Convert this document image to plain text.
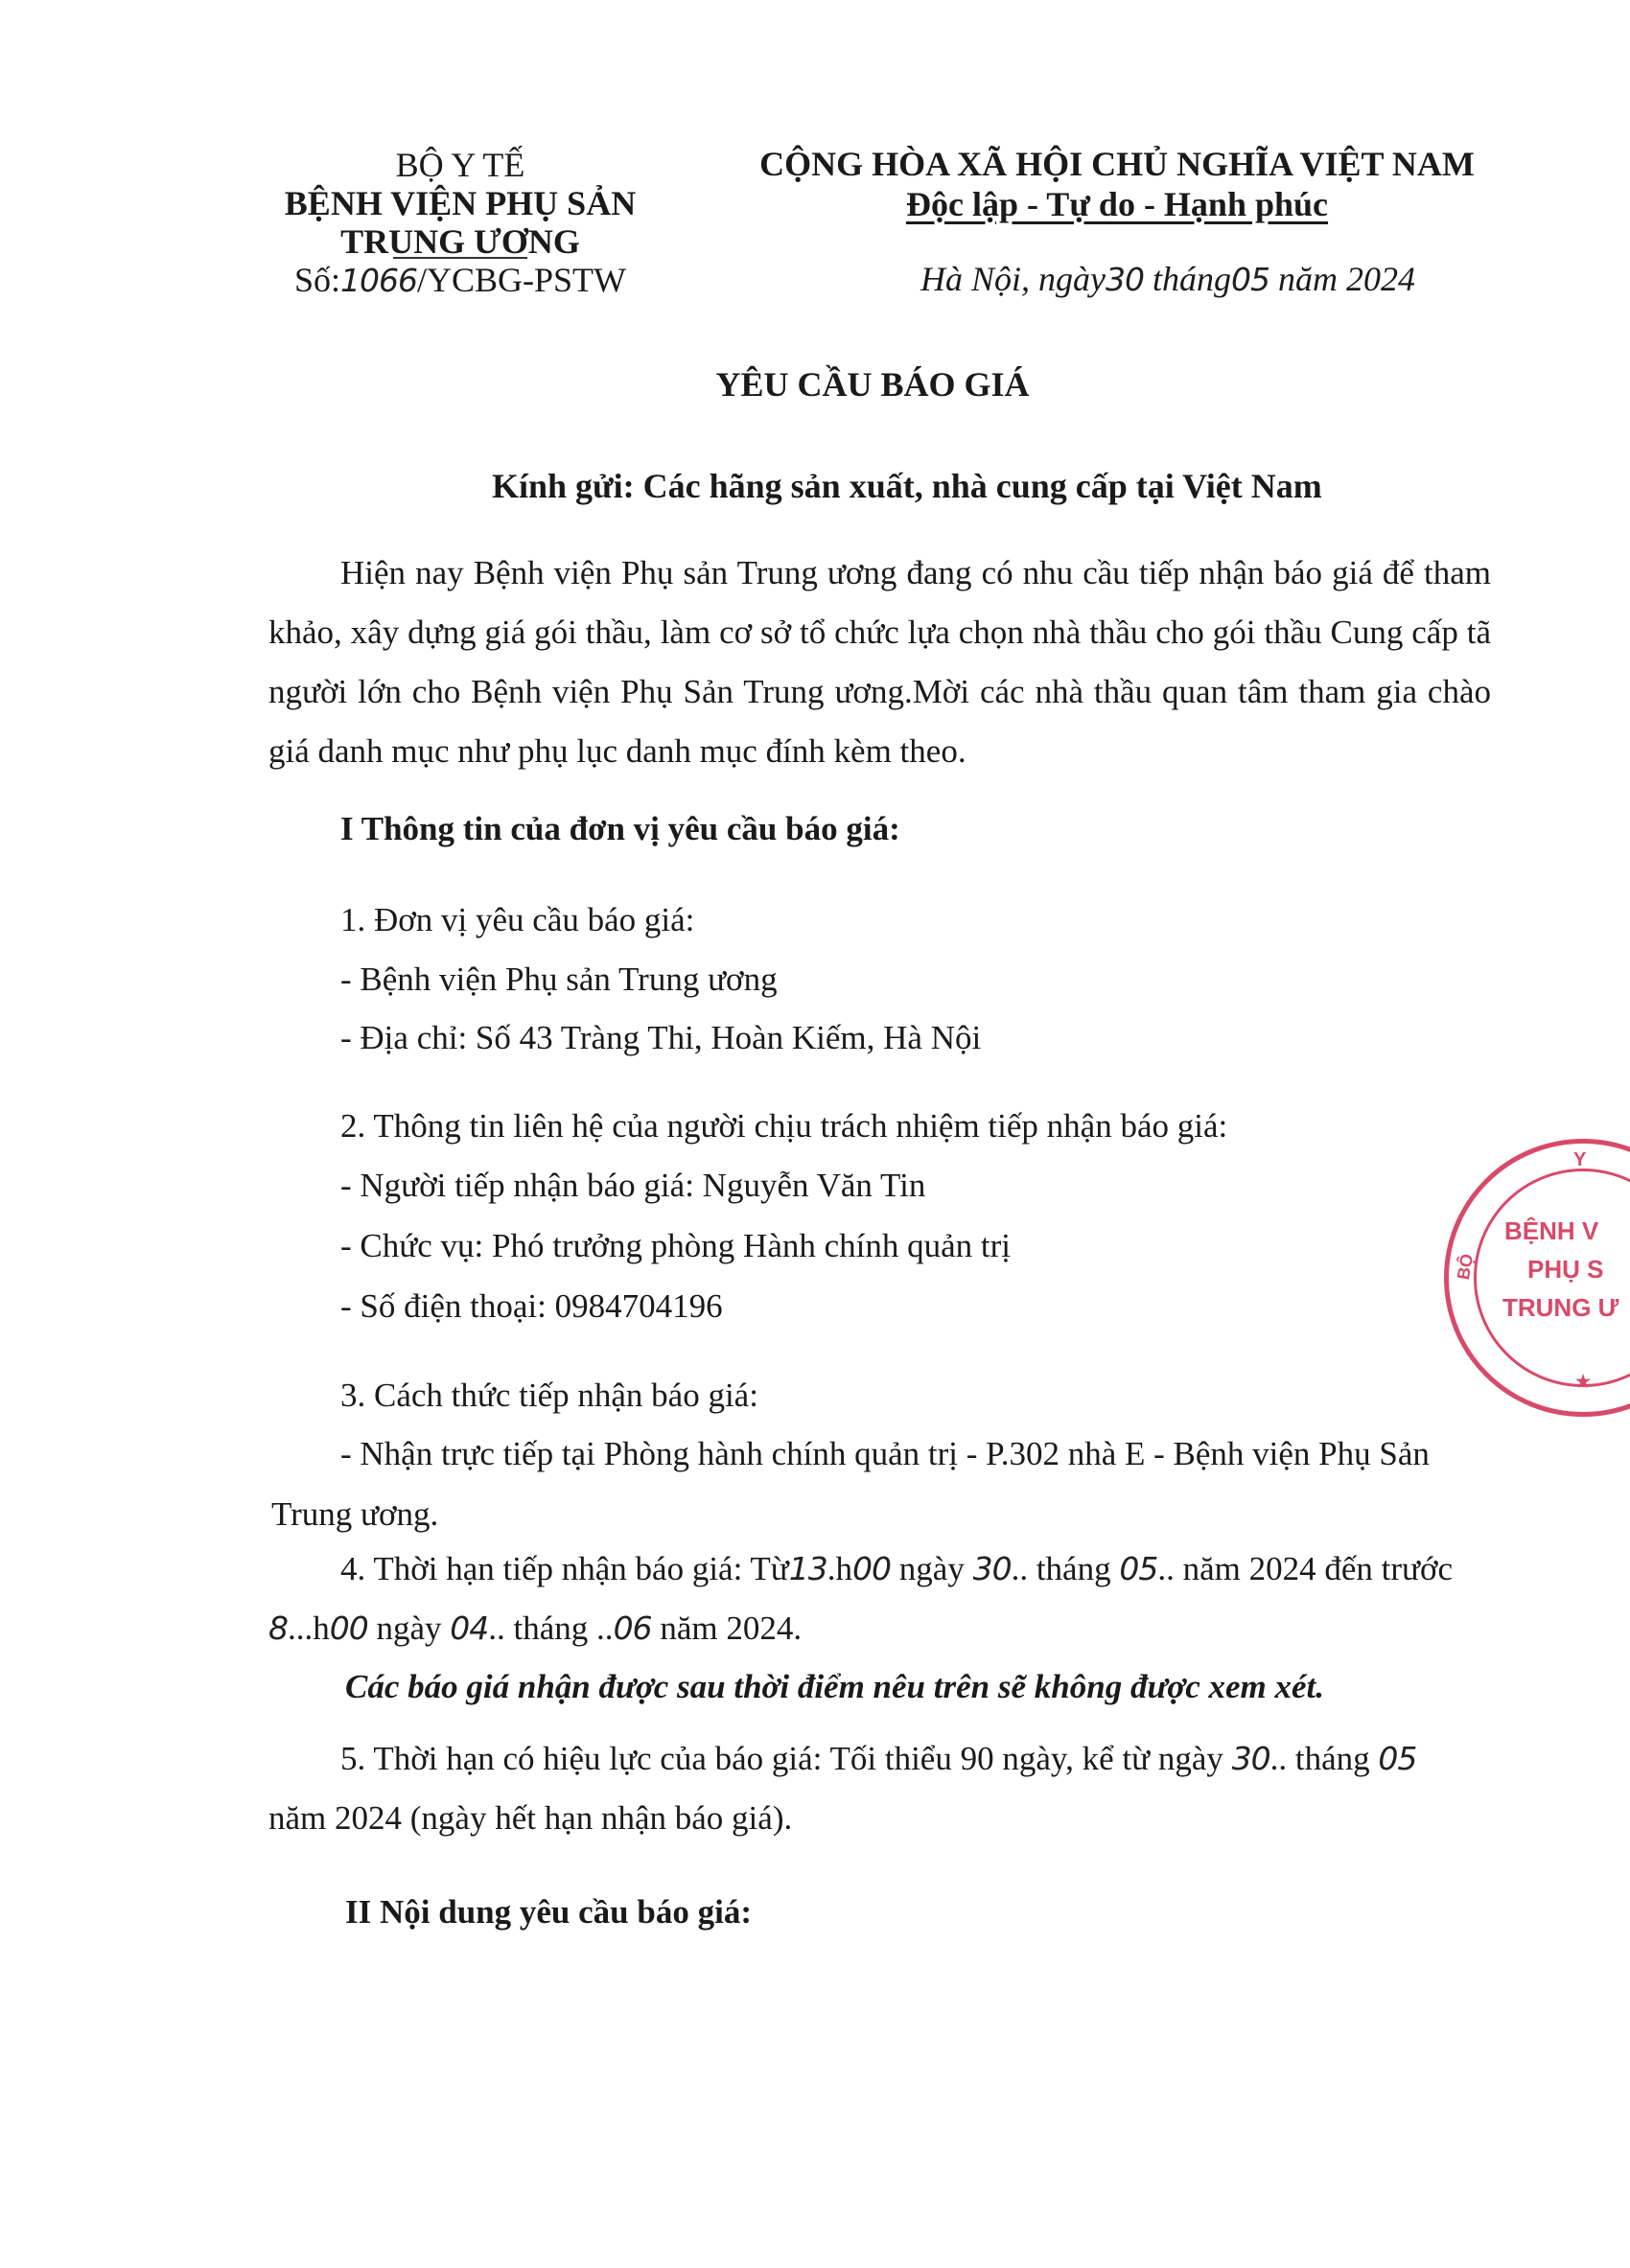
BỘ Y TẾ
BỆNH VIỆN PHỤ SẢN
TRUNG ƯƠNG
Số:1066/YCBG-PSTW
CỘNG HÒA XÃ HỘI CHỦ NGHĨA VIỆT NAM
Độc lập - Tự do - Hạnh phúc
Hà Nội, ngày30 tháng05 năm 2024
YÊU CẦU BÁO GIÁ
Kính gửi: Các hãng sản xuất, nhà cung cấp tại Việt Nam
Hiện nay Bệnh viện Phụ sản Trung ương đang có nhu cầu tiếp nhận báo giá để tham khảo, xây dựng giá gói thầu, làm cơ sở tổ chức lựa chọn nhà thầu cho gói thầu Cung cấp tã người lớn cho Bệnh viện Phụ Sản Trung ương.Mời các nhà thầu quan tâm tham gia chào giá danh mục như phụ lục danh mục đính kèm theo.
I Thông tin của đơn vị yêu cầu báo giá:
1. Đơn vị yêu cầu báo giá:
- Bệnh viện Phụ sản Trung ương
- Địa chỉ: Số 43 Tràng Thi, Hoàn Kiếm, Hà Nội
2. Thông tin liên hệ của người chịu trách nhiệm tiếp nhận báo giá:
- Người tiếp nhận báo giá: Nguyễn Văn Tin
- Chức vụ: Phó trưởng phòng Hành chính quản trị
- Số điện thoại: 0984704196
3. Cách thức tiếp nhận báo giá:
- Nhận trực tiếp tại Phòng hành chính quản trị - P.302 nhà E - Bệnh viện Phụ Sản
Trung ương.
4. Thời hạn tiếp nhận báo giá: Từ13.h00 ngày 30.. tháng 05.. năm 2024 đến trước
8...h00 ngày 04.. tháng ..06 năm 2024.
Các báo giá nhận được sau thời điểm nêu trên sẽ không được xem xét.
5. Thời hạn có hiệu lực của báo giá: Tối thiểu 90 ngày, kể từ ngày 30.. tháng 05
năm 2024 (ngày hết hạn nhận báo giá).
II Nội dung yêu cầu báo giá:
Y
BỘ
BỆNH V
PHỤ S
TRUNG Ư
★
